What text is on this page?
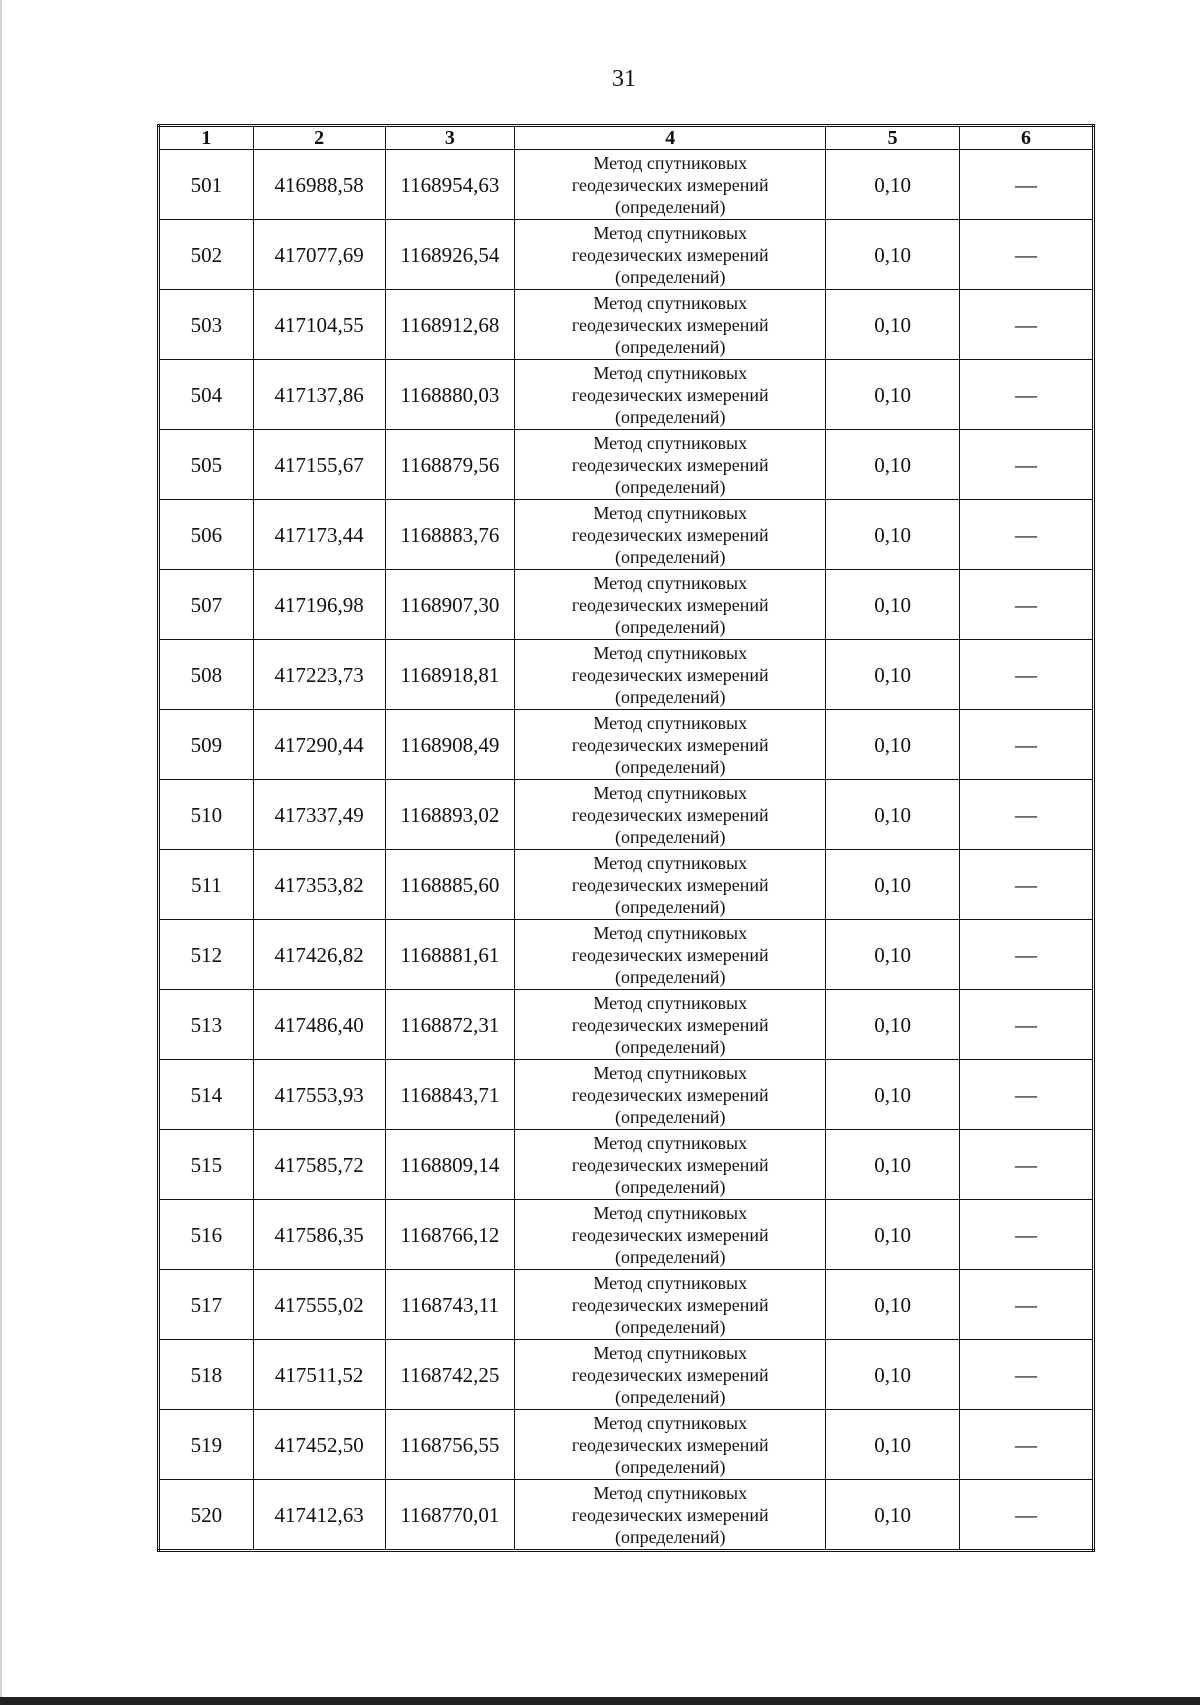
31
1	2	3	4	5	6
501	416988,58	1168954,63	Метод спутниковых
геодезических измерений
(определений)	0,10	—
502	417077,69	1168926,54	Метод спутниковых
геодезических измерений
(определений)	0,10	—
503	417104,55	1168912,68	Метод спутниковых
геодезических измерений
(определений)	0,10	—
504	417137,86	1168880,03	Метод спутниковых
геодезических измерений
(определений)	0,10	—
505	417155,67	1168879,56	Метод спутниковых
геодезических измерений
(определений)	0,10	—
506	417173,44	1168883,76	Метод спутниковых
геодезических измерений
(определений)	0,10	—
507	417196,98	1168907,30	Метод спутниковых
геодезических измерений
(определений)	0,10	—
508	417223,73	1168918,81	Метод спутниковых
геодезических измерений
(определений)	0,10	—
509	417290,44	1168908,49	Метод спутниковых
геодезических измерений
(определений)	0,10	—
510	417337,49	1168893,02	Метод спутниковых
геодезических измерений
(определений)	0,10	—
511	417353,82	1168885,60	Метод спутниковых
геодезических измерений
(определений)	0,10	—
512	417426,82	1168881,61	Метод спутниковых
геодезических измерений
(определений)	0,10	—
513	417486,40	1168872,31	Метод спутниковых
геодезических измерений
(определений)	0,10	—
514	417553,93	1168843,71	Метод спутниковых
геодезических измерений
(определений)	0,10	—
515	417585,72	1168809,14	Метод спутниковых
геодезических измерений
(определений)	0,10	—
516	417586,35	1168766,12	Метод спутниковых
геодезических измерений
(определений)	0,10	—
517	417555,02	1168743,11	Метод спутниковых
геодезических измерений
(определений)	0,10	—
518	417511,52	1168742,25	Метод спутниковых
геодезических измерений
(определений)	0,10	—
519	417452,50	1168756,55	Метод спутниковых
геодезических измерений
(определений)	0,10	—
520	417412,63	1168770,01	Метод спутниковых
геодезических измерений
(определений)	0,10	—
